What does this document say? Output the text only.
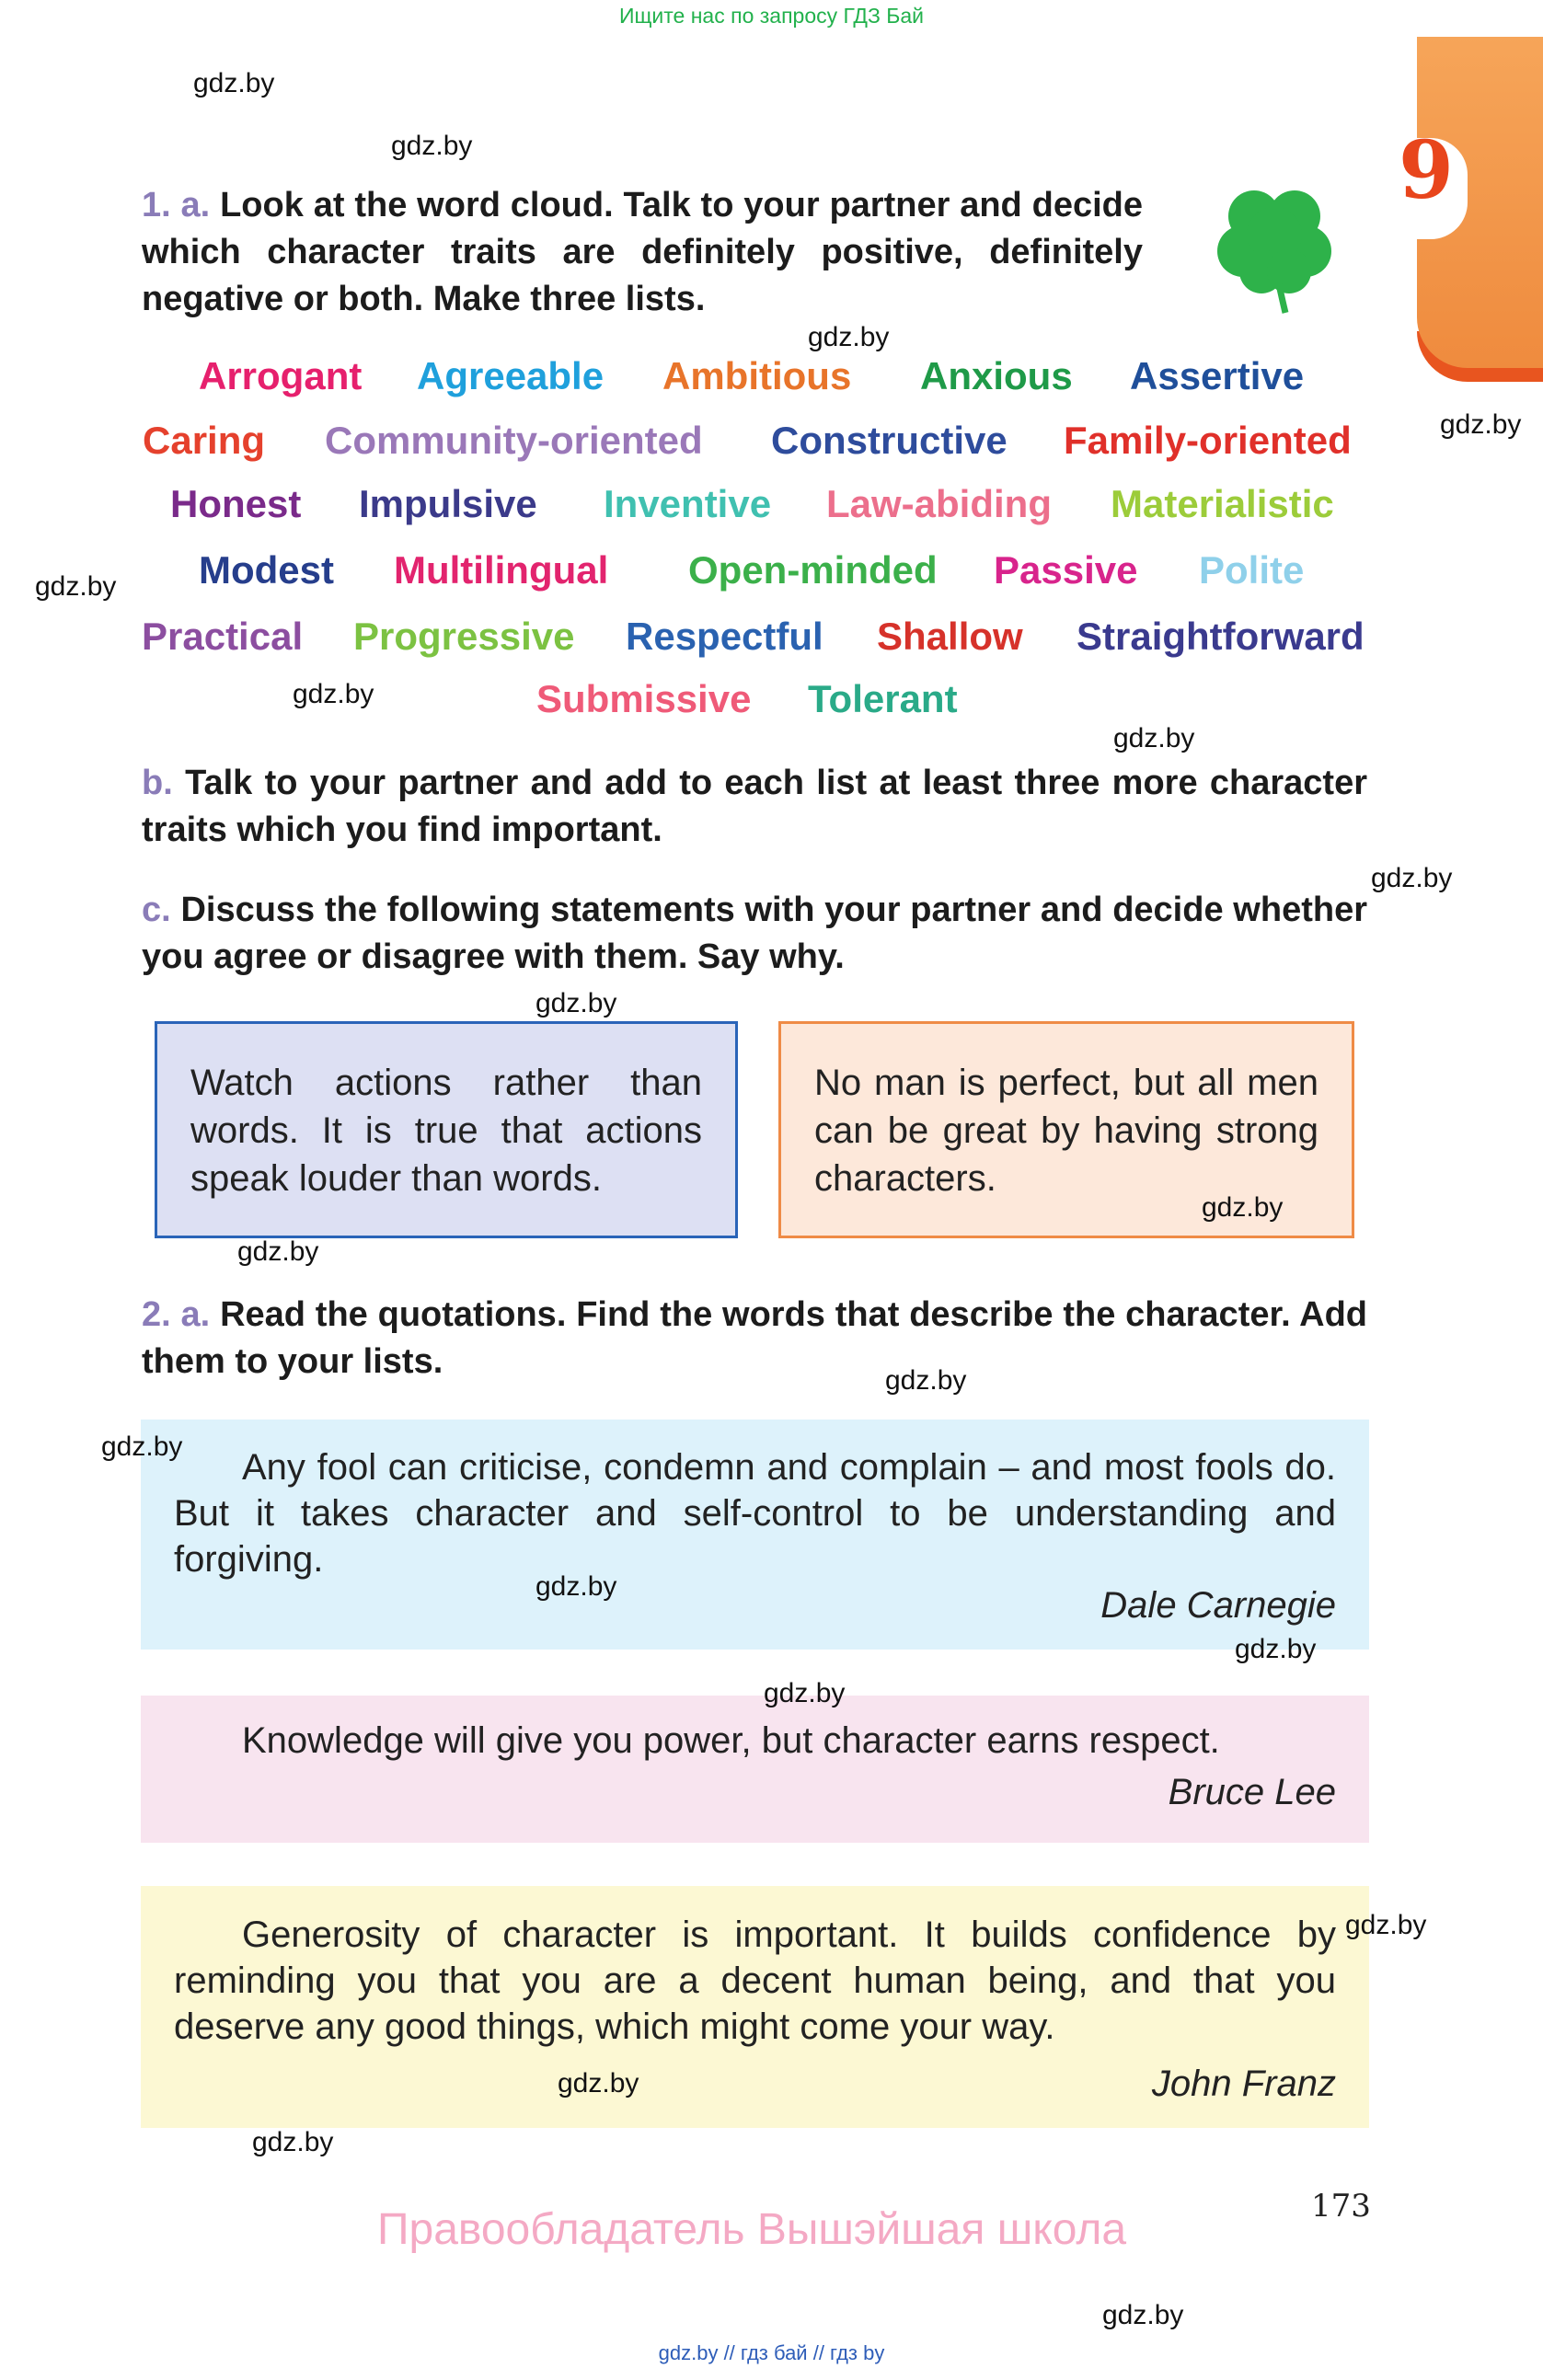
Ищите нас по запросу ГДЗ Бай
9
1. a. Look at the word cloud. Talk to your partner and decide which character traits are definitely positive, definitely negative or both. Make three lists.
Arrogant Agreeable Ambitious Anxious Assertive
Caring Community-oriented Constructive Family-oriented
Honest Impulsive Inventive Law-abiding Materialistic
Modest Multilingual Open-minded Passive Polite
Practical Progressive Respectful Shallow Straightforward
Submissive Tolerant
b. Talk to your partner and add to each list at least three more character traits which you find important.
c. Discuss the following statements with your partner and decide whether you agree or disagree with them. Say why.
Watch actions rather than words. It is true that actions speak louder than words.
No man is perfect, but all men can be great by having strong characters.
2. a. Read the quotations. Find the words that describe the character. Add them to your lists.
Any fool can criticise, condemn and complain – and most fools do. But it takes character and self-control to be understanding and forgiving.
Dale Carnegie
Knowledge will give you power, but character earns respect.
Bruce Lee
Generosity of character is important. It builds confidence by reminding you that you are a decent human being, and that you deserve any good things, which might come your way.
John Franz
173
Правообладатель Вышэйшая школа
gdz.by
gdz.by
gdz.by
gdz.by
gdz.by
gdz.by
gdz.by
gdz.by
gdz.by
gdz.by
gdz.by
gdz.by
gdz.by
gdz.by
gdz.by
gdz.by
gdz.by
gdz.by
gdz.by
gdz.by
gdz.by // гдз бай // гдз by
